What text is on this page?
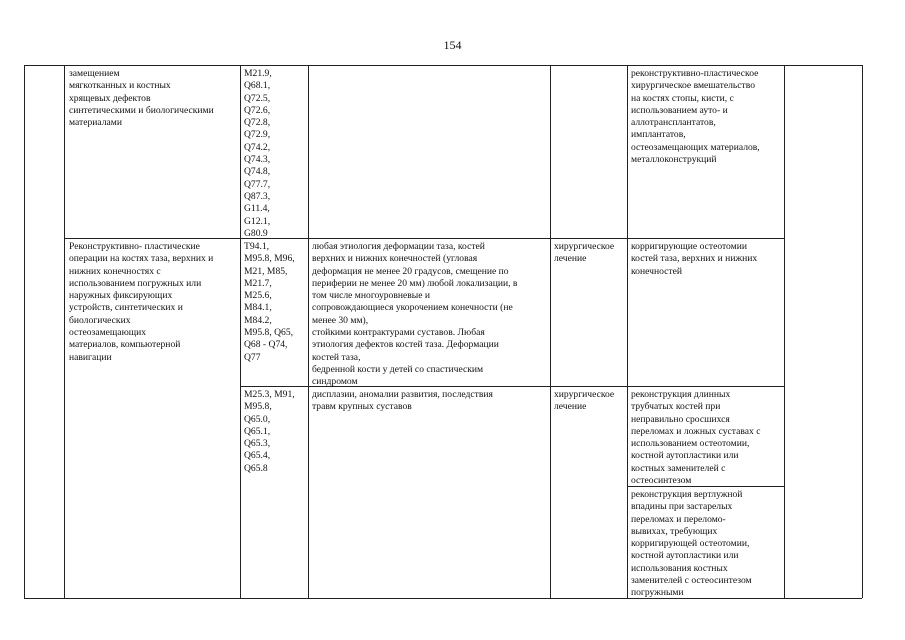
154
замещением
мягкотканных и костных
хрящевых дефектов
синтетическими и биологическими
материалами
M21.9,
Q68.1,
Q72.5,
Q72.6,
Q72.8,
Q72.9,
Q74.2,
Q74.3,
Q74.8,
Q77.7,
Q87.3,
G11.4,
G12.1,
G80.9
реконструктивно-пластическое
хирургическое вмешательство
на костях стопы, кисти, с
использованием ауто- и
аллотрансплантатов,
имплантатов,
остеозамещающих материалов,
металлоконструкций
Реконструктивно- пластические
операции на костях таза, верхних и
нижних конечностях с
использованием погружных или
наружных фиксирующих
устройств, синтетических и
биологических
остеозамещающих
материалов, компьютерной
навигации
T94.1,
M95.8, M96,
M21, M85,
M21.7,
M25.6,
M84.1,
M84.2,
M95.8, Q65,
Q68 - Q74,
Q77
любая этиология деформации таза, костей
верхних и нижних конечностей (угловая
деформация не менее 20 градусов, смещение по
периферии не менее 20 мм) любой локализации, в
том числе многоуровневые и
сопровождающиеся укорочением конечности (не
менее 30 мм),
стойкими контрактурами суставов. Любая
этиология дефектов костей таза. Деформации
костей таза,
бедренной кости у детей со спастическим
синдромом
хирургическое
лечение
корригирующие остеотомии
костей таза, верхних и нижних
конечностей
M25.3, M91,
M95.8,
Q65.0,
Q65.1,
Q65.3,
Q65.4,
Q65.8
дисплазии, аномалии развития, последствия
травм крупных суставов
хирургическое
лечение
реконструкция длинных
трубчатых костей при
неправильно сросшихся
переломах и ложных суставах с
использованием остеотомии,
костной аутопластики или
костных заменителей с
остеосинтезом
реконструкция вертлужной
впадины при застарелых
переломах и переломо-
вывихах, требующих
корригирующей остеотомии,
костной аутопластики или
использования костных
заменителей с остеосинтезом
погружными
